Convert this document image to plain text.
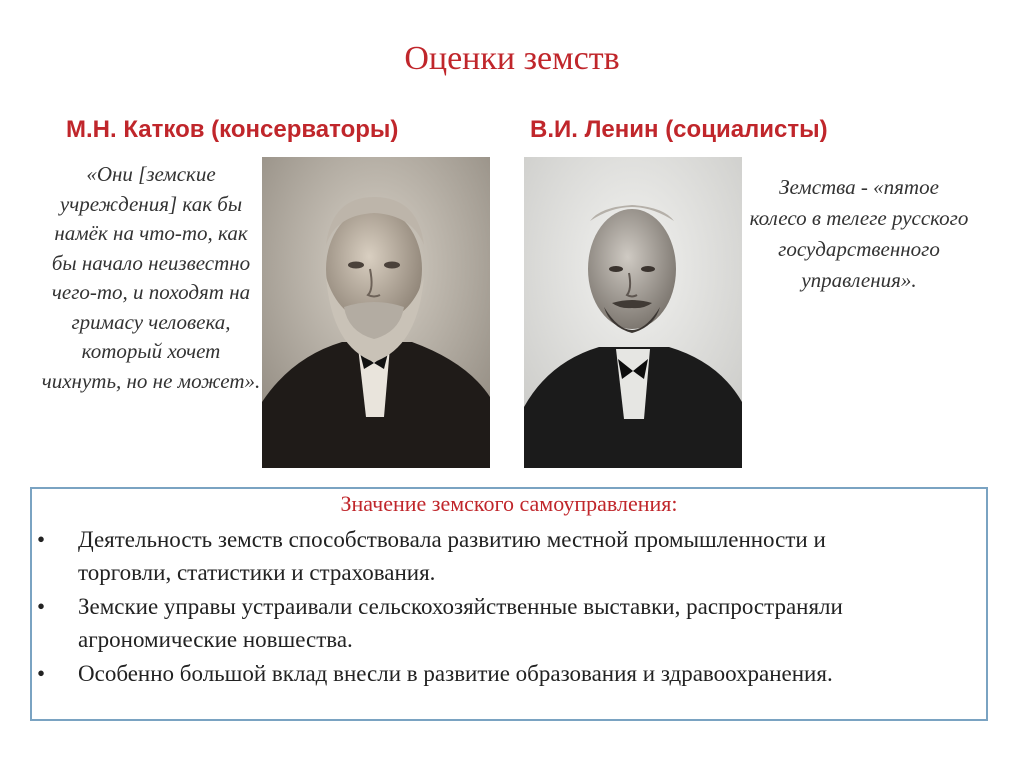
Оценки земств
М.Н. Катков (консерваторы)	В.И. Ленин (социалисты)

«Они [земские учреждения] как бы намёк на что-то, как бы начало неизвестно чего-то, и походят на гримасу человека, который хочет чихнуть, но не может».

Земства - «пятое колесо в телеге русского государственного управления».

Значение земского самоуправления:
• Деятельность земств способствовала развитию местной промышленности и торговли, статистики и страхования.
• Земские управы устраивали сельскохозяйственные выставки, распространяли агрономические новшества.
• Особенно большой вклад внесли в развитие образования и здравоохранения.
